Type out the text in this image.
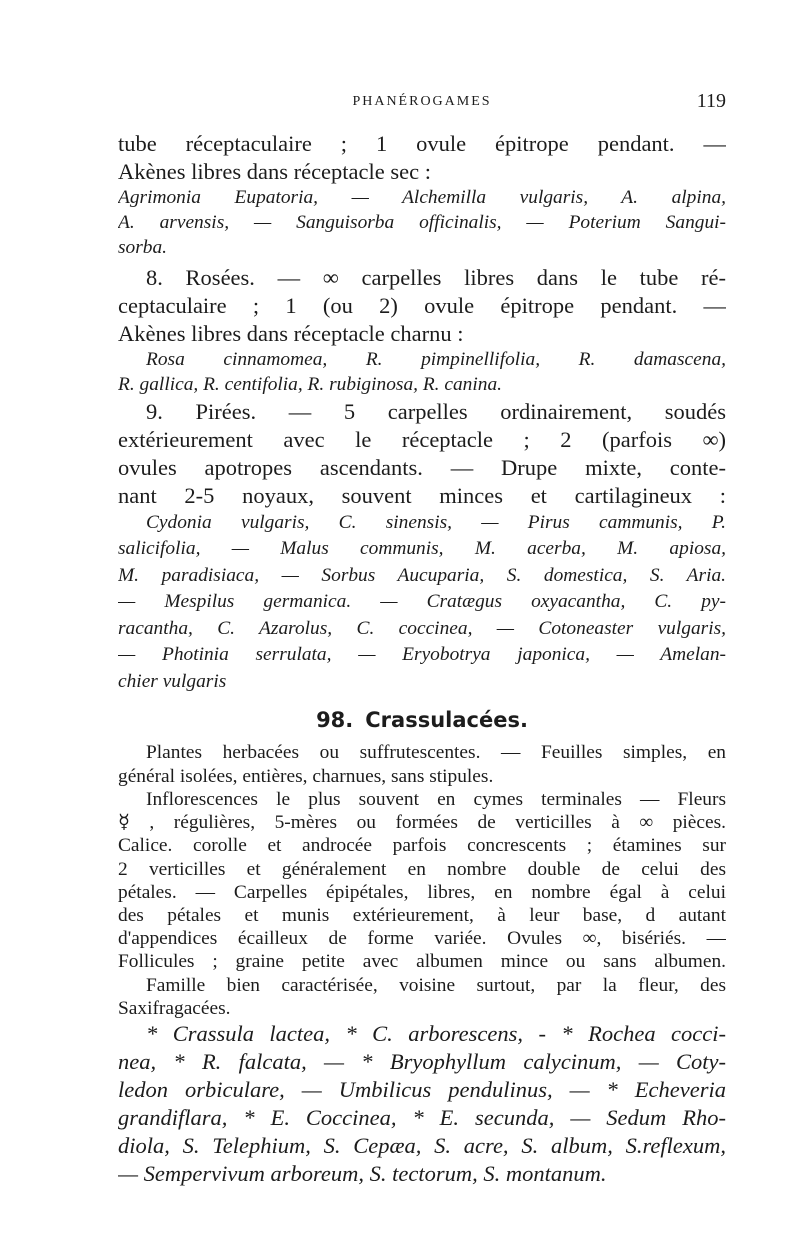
PHANÉROGAMES	119
tube réceptaculaire ; 1 ovule épitrope pendant. —
Akènes libres dans réceptacle sec :
Agrimonia Eupatoria, — Alchemilla vulgaris, A. alpina,
A. arvensis, — Sanguisorba officinalis, — Poterium Sangui-
sorba.
8. Rosées. — ∞ carpelles libres dans le tube ré-
ceptaculaire ; 1 (ou 2) ovule épitrope pendant. —
Akènes libres dans réceptacle charnu :
Rosa cinnamomea, R. pimpinellifolia, R. damascena,
R. gallica, R. centifolia, R. rubiginosa, R. canina.
9. Pirées. — 5 carpelles ordinairement, soudés
extérieurement avec le réceptacle ; 2 (parfois ∞)
ovules apotropes ascendants. — Drupe mixte, conte-
nant 2-5 noyaux, souvent minces et cartilagineux :
Cydonia vulgaris, C. sinensis, — Pirus cammunis, P.
salicifolia, — Malus communis, M. acerba, M. apiosa,
M. paradisiaca, — Sorbus Aucuparia, S. domestica, S. Aria.
— Mespilus germanica. — Cratægus oxyacantha, C. py-
racantha, C. Azarolus, C. coccinea, — Cotoneaster vulgaris,
— Photinia serrulata, — Eryobotrya japonica, — Amelan-
chier vulgaris
98. Crassulacées.
Plantes herbacées ou suffrutescentes. — Feuilles simples, en
général isolées, entières, charnues, sans stipules.
Inflorescences le plus souvent en cymes terminales — Fleurs
☿ , régulières, 5-mères ou formées de verticilles à ∞ pièces.
Calice. corolle et androcée parfois concrescents ; étamines sur
2 verticilles et généralement en nombre double de celui des
pétales. — Carpelles épipétales, libres, en nombre égal à celui
des pétales et munis extérieurement, à leur base, d autant
d'appendices écailleux de forme variée. Ovules ∞, bisériés. —
Follicules ; graine petite avec albumen mince ou sans albumen.
Famille bien caractérisée, voisine surtout, par la fleur, des
Saxifragacées.
* Crassula lactea, * C. arborescens, - * Rochea cocci-
nea, * R. falcata, — * Bryophyllum calycinum, — Coty-
ledon orbiculare, — Umbilicus pendulinus, — * Echeveria
grandiflara, * E. Coccinea, * E. secunda, — Sedum Rho-
diola, S. Telephium, S. Cepæa, S. acre, S. album, S.reflexum,
— Sempervivum arboreum, S. tectorum, S. montanum.
